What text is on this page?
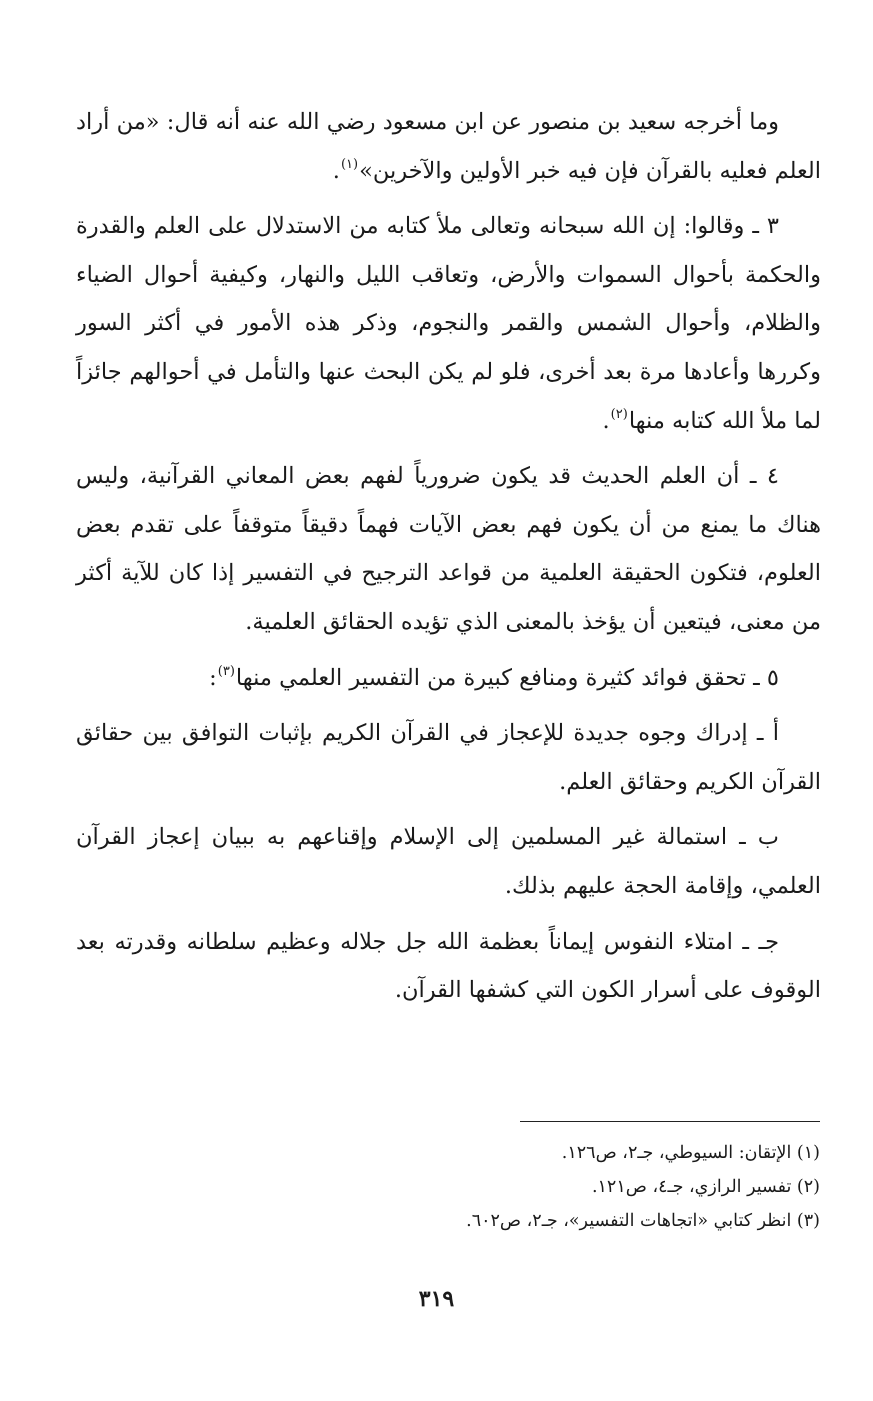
وما أخرجه سعيد بن منصور عن ابن مسعود رضي الله عنه أنه قال: «من أراد العلم فعليه بالقرآن فإن فيه خبر الأولين والآخرين»$^{(١)}$.

٣ ـ وقالوا: إن الله سبحانه وتعالى ملأ كتابه من الاستدلال على العلم والقدرة والحكمة بأحوال السموات والأرض، وتعاقب الليل والنهار، وكيفية أحوال الضياء والظلام، وأحوال الشمس والقمر والنجوم، وذكر هذه الأمور في أكثر السور وكررها وأعادها مرة بعد أخرى، فلو لم يكن البحث عنها والتأمل في أحوالهم جائزاً لما ملأ الله كتابه منها$^{(٢)}$.

٤ ـ أن العلم الحديث قد يكون ضرورياً لفهم بعض المعاني القرآنية، وليس هناك ما يمنع من أن يكون فهم بعض الآيات فهماً دقيقاً متوقفاً على تقدم بعض العلوم، فتكون الحقيقة العلمية من قواعد الترجيح في التفسير إذا كان للآية أكثر من معنى، فيتعين أن يؤخذ بالمعنى الذي تؤيده الحقائق العلمية.

٥ ـ تحقق فوائد كثيرة ومنافع كبيرة من التفسير العلمي منها$^{(٣)}$:

أ ـ إدراك وجوه جديدة للإعجاز في القرآن الكريم بإثبات التوافق بين حقائق القرآن الكريم وحقائق العلم.

ب ـ استمالة غير المسلمين إلى الإسلام وإقناعهم به ببيان إعجاز القرآن العلمي، وإقامة الحجة عليهم بذلك.

جـ ـ امتلاء النفوس إيماناً بعظمة الله جل جلاله وعظيم سلطانه وقدرته بعد الوقوف على أسرار الكون التي كشفها القرآن.

(١) الإتقان: السيوطي، جـ٢، ص١٢٦.
(٢) تفسير الرازي، جـ٤، ص١٢١.
(٣) انظر كتابي «اتجاهات التفسير»، جـ٢، ص٦٠٢.
٣١٩
